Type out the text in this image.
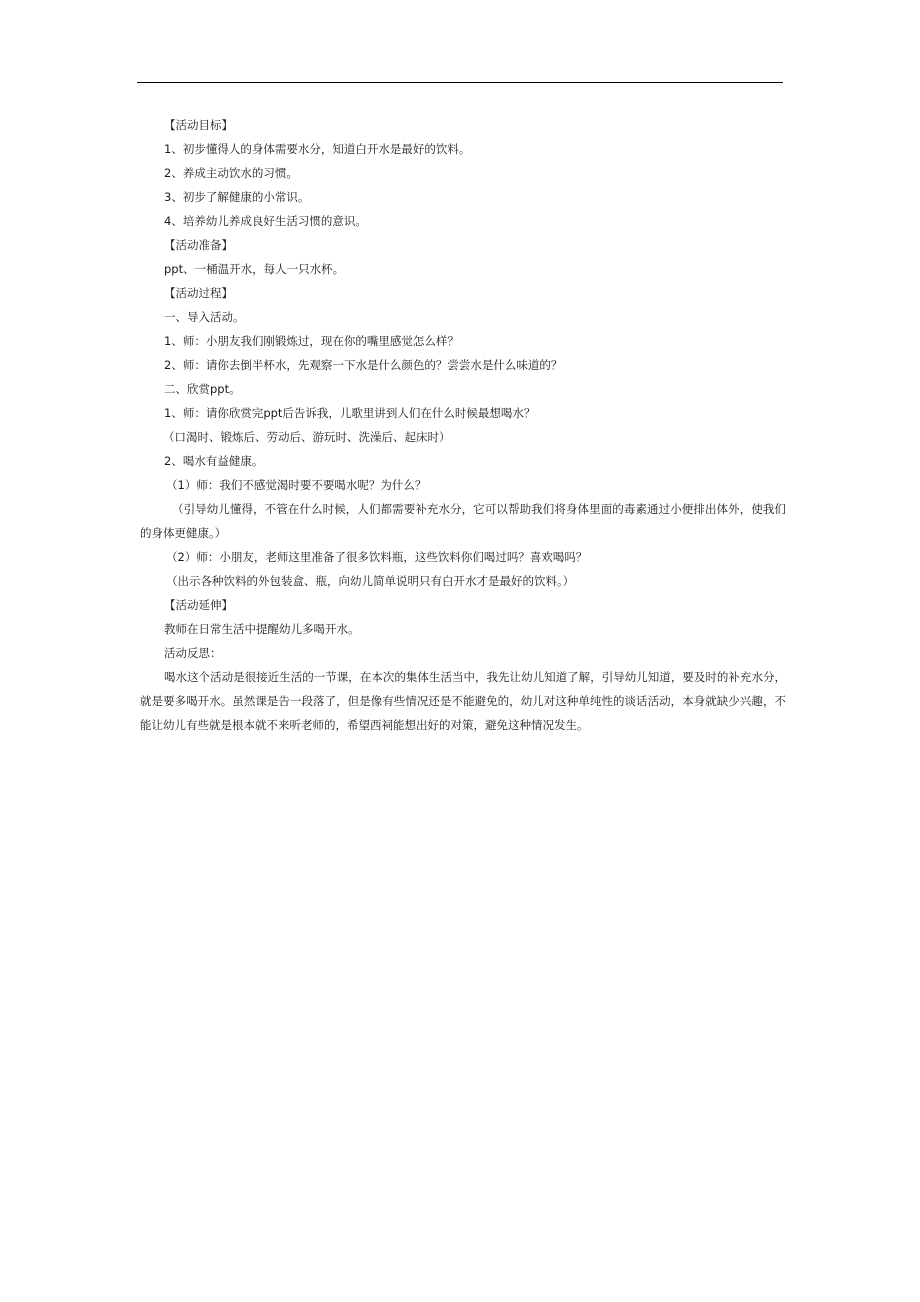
【活动目标】

1、初步懂得人的身体需要水分，知道白开水是最好的饮料。

2、养成主动饮水的习惯。

3、初步了解健康的小常识。

4、培养幼儿养成良好生活习惯的意识。

【活动准备】

ppt、一桶温开水，每人一只水杯。

【活动过程】

一、导入活动。

1、师：小朋友我们刚锻炼过，现在你的嘴里感觉怎么样？

2、师：请你去倒半杯水，先观察一下水是什么颜色的？尝尝水是什么味道的？

二、欣赏ppt。

1、师：请你欣赏完ppt后告诉我，儿歌里讲到人们在什么时候最想喝水？

（口渴时、锻炼后、劳动后、游玩时、洗澡后、起床时）

2、喝水有益健康。

（1）师：我们不感觉渴时要不要喝水呢？为什么？

（引导幼儿懂得，不管在什么时候，人们都需要补充水分，它可以帮助我们将身体里面的毒素通过小便排出体外，使我们的身体更健康。）

（2）师：小朋友，老师这里准备了很多饮料瓶，这些饮料你们喝过吗？喜欢喝吗？

（出示各种饮料的外包装盒、瓶，向幼儿简单说明只有白开水才是最好的饮料。）

【活动延伸】

教师在日常生活中提醒幼儿多喝开水。

活动反思：

喝水这个活动是很接近生活的一节课，在本次的集体生活当中，我先让幼儿知道了解，引导幼儿知道，要及时的补充水分，就是要多喝开水。虽然课是告一段落了，但是像有些情况还是不能避免的，幼儿对这种单纯性的谈话活动，本身就缺少兴趣，不能让幼儿有些就是根本就不来听老师的，希望西祠能想出好的对策，避免这种情况发生。
